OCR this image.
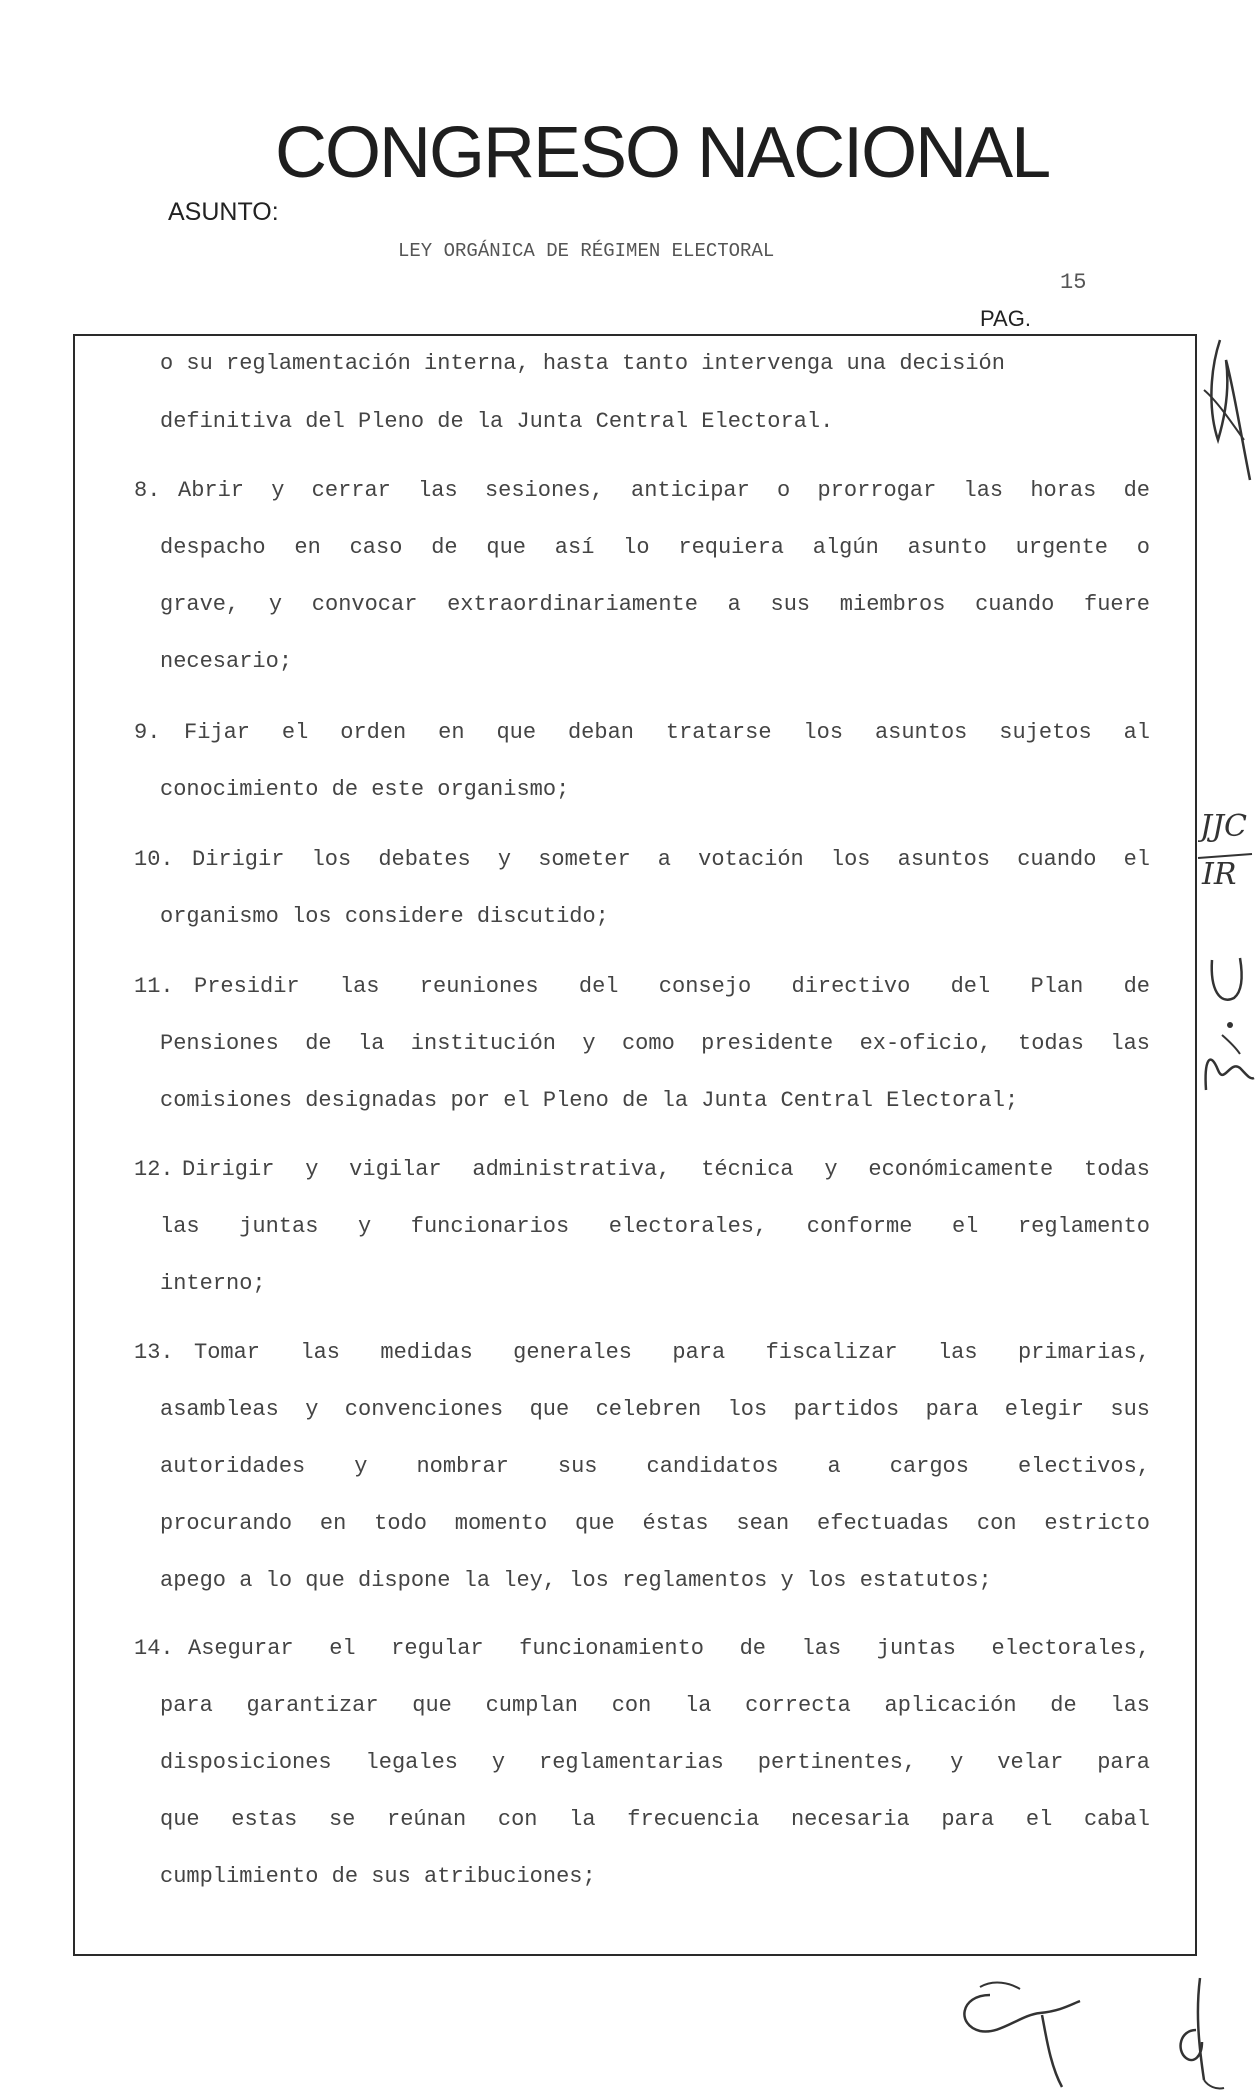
CONGRESO NACIONAL
ASUNTO:
LEY ORGÁNICA DE RÉGIMEN ELECTORAL
15
PAG.
o su reglamentación interna, hasta tanto intervenga una decisión
definitiva del Pleno de la Junta Central Electoral.
8. Abrir y cerrar las sesiones, anticipar o prorrogar las horas de
despacho en caso de que así lo requiera algún asunto urgente o
grave, y convocar extraordinariamente a sus miembros cuando fuere
necesario;
9. Fijar el orden en que deban tratarse los asuntos sujetos al
conocimiento de este organismo;
10. Dirigir los debates y someter a votación los asuntos cuando el
organismo los considere discutido;
11. Presidir las reuniones del consejo directivo del Plan de
Pensiones de la institución y como presidente ex-oficio, todas las
comisiones designadas por el Pleno de la Junta Central Electoral;
12. Dirigir y vigilar administrativa, técnica y económicamente todas
las juntas y funcionarios electorales, conforme el reglamento
interno;
13. Tomar las medidas generales para fiscalizar las primarias,
asambleas y convenciones que celebren los partidos para elegir sus
autoridades y nombrar sus candidatos a cargos electivos,
procurando en todo momento que éstas sean efectuadas con estricto
apego a lo que dispone la ley, los reglamentos y los estatutos;
14. Asegurar el regular funcionamiento de las juntas electorales,
para garantizar que cumplan con la correcta aplicación de las
disposiciones legales y reglamentarias pertinentes, y velar para
que estas se reúnan con la frecuencia necesaria para el cabal
cumplimiento de sus atribuciones;
JJC
IR
